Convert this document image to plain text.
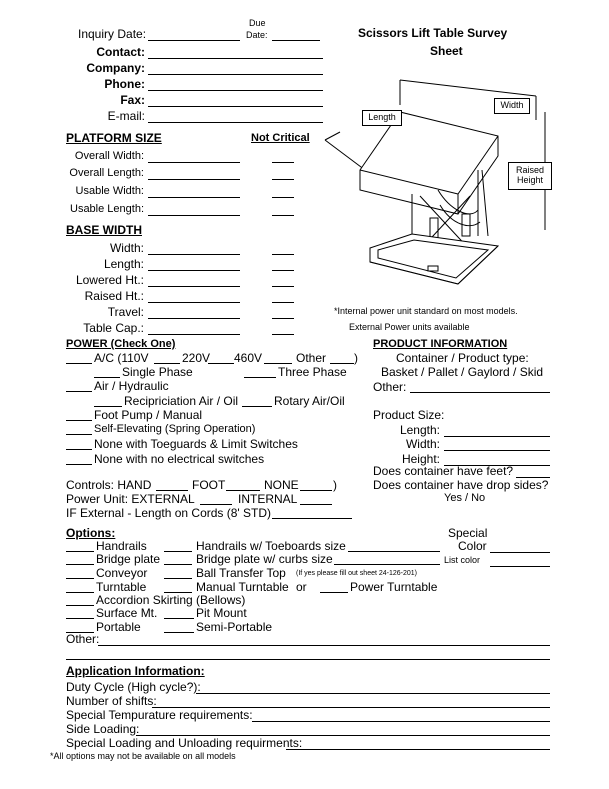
Inquiry Date:
Due
Date:	Scissors Lift Table Survey
Sheet
Contact:
Company:
Phone:
Fax:
E-mail:
Width
Length
Raised Height
*Internal power unit standard on most models.
External Power units available
PLATFORM SIZE	Not Critical
Overall Width:
Overall Length:
Usable Width:
Usable Length:
BASE WIDTH
Width:
Length:
Lowered Ht.:
Raised Ht.:
Travel:
Table Cap.:
POWER (Check One)
A/C (110V	220V 460V	Other )
Single Phase	Three Phase
Air / Hydraulic
Recipriciation Air / Oil	Rotary Air/Oil
Foot Pump / Manual
Self-Elevating (Spring Operation)
None with Toeguards & Limit Switches
None with no electrical switches
Controls: HAND	FOOT	NONE	)
Power Unit: EXTERNAL	INTERNAL
IF External - Length on Cords (8' STD)
PRODUCT INFORMATION
Container / Product type:
Basket / Pallet / Gaylord / Skid
Other:
Product Size:
Length:
Width:
Height:
Does container have feet?
Does container have drop sides?
Yes / No
Options:	Special
Color
Handrails	Handrails w/ Toeboards size
Bridge plate	Bridge plate w/ curbs size	List color
Conveyor	Ball Transfer Top (If yes please fill out sheet 24-126-201)
Turntable	Manual Turntable or	Power Turntable
Accordion Skirting (Bellows)
Surface Mt.	Pit Mount
Portable	Semi-Portable
Other:
Application Information:
Duty Cycle (High cycle?):
Number of shifts:
Special Tempurature requirements:
Side Loading:
Special Loading and Unloading requirments:
*All options may not be available on all models
